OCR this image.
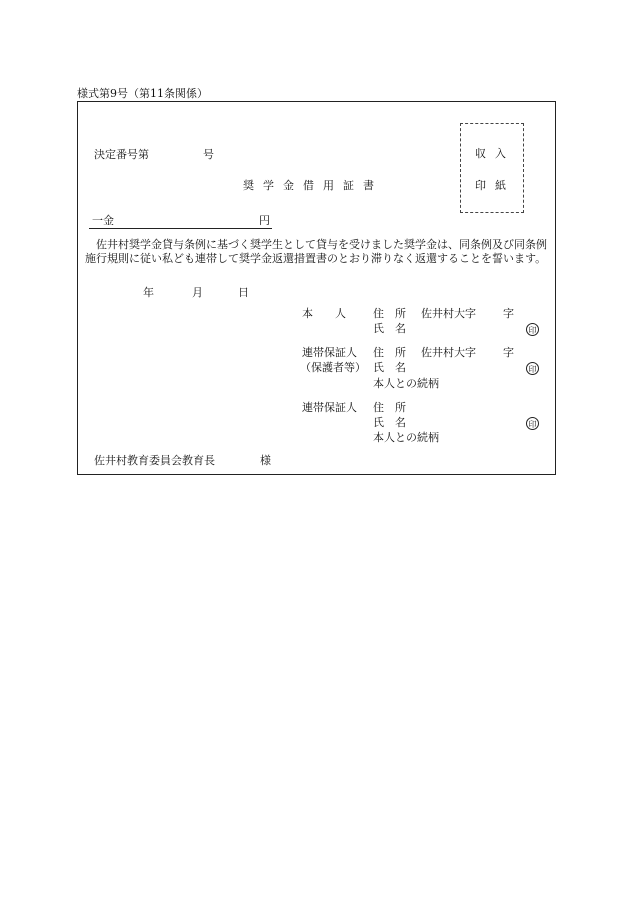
様式第9号（第11条関係）
決定番号第	号
奨学金借用証書
収入
印紙
一金	円

佐井村奨学金貸与条例に基づく奨学生として貸与を受けました奨学金は、同条例及び同条例施行規則に従い私ども連帯して奨学金返還措置書のとおり滞りなく返還することを誓います。

年	月	日
本　　人 住　所 佐井村大字 字
氏　名	印
連帯保証人
（保護者等）
住　所 佐井村大字 字
氏　名	印
本人との続柄
連帯保証人 住　所
氏　名	印
本人との続柄
佐井村教育委員会教育長	様
